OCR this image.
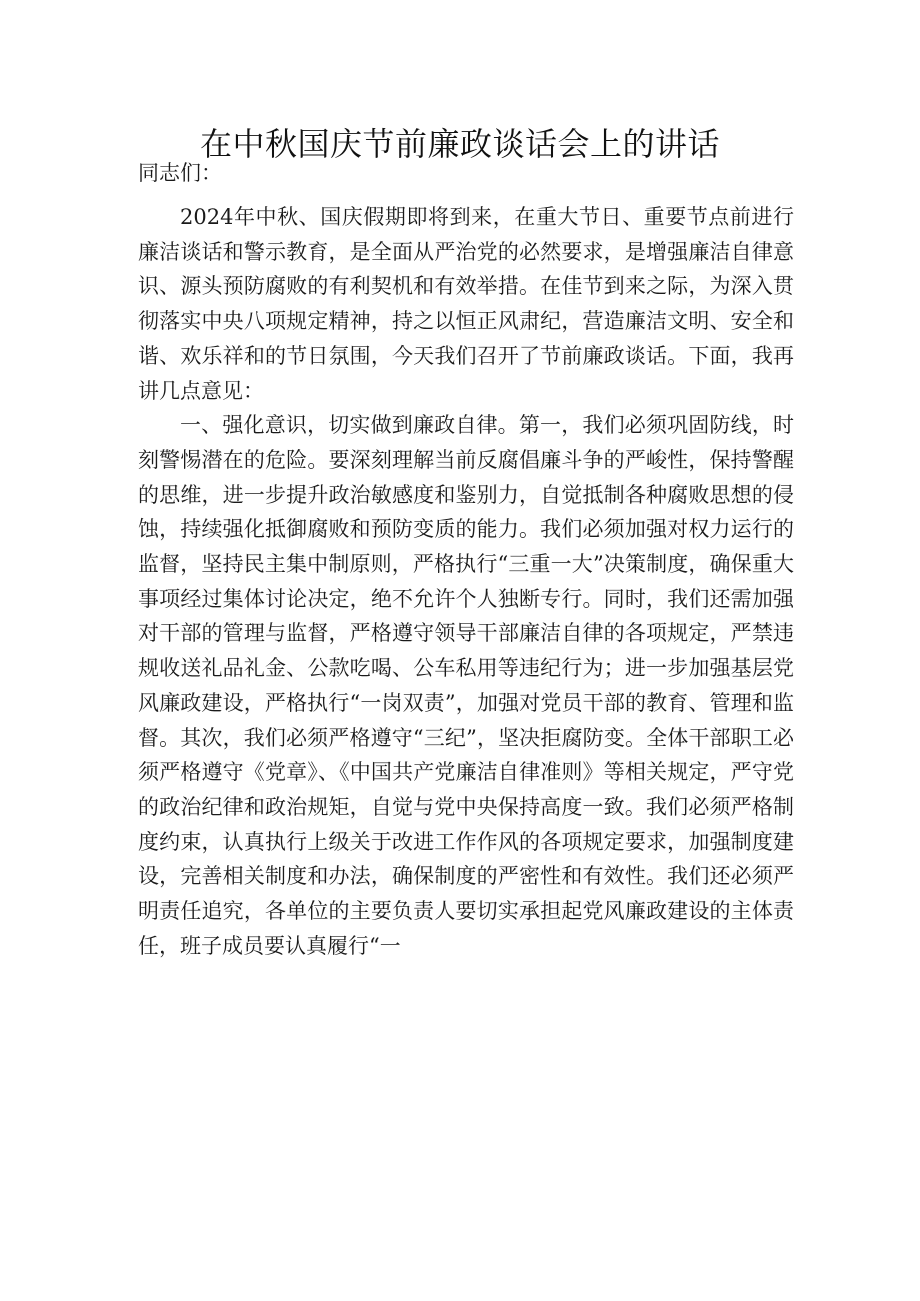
在中秋国庆节前廉政谈话会上的讲话

同志们：

2024年中秋、国庆假期即将到来，在重大节日、重要节点前进行廉洁谈话和警示教育，是全面从严治党的必然要求，是增强廉洁自律意识、源头预防腐败的有利契机和有效举措。在佳节到来之际，为深入贯彻落实中央八项规定精神，持之以恒正风肃纪，营造廉洁文明、安全和谐、欢乐祥和的节日氛围，今天我们召开了节前廉政谈话。下面，我再讲几点意见：

一、强化意识，切实做到廉政自律。第一，我们必须巩固防线，时刻警惕潜在的危险。要深刻理解当前反腐倡廉斗争的严峻性，保持警醒的思维，进一步提升政治敏感度和鉴别力，自觉抵制各种腐败思想的侵蚀，持续强化抵御腐败和预防变质的能力。我们必须加强对权力运行的监督，坚持民主集中制原则，严格执行“三重一大”决策制度，确保重大事项经过集体讨论决定，绝不允许个人独断专行。同时，我们还需加强对干部的管理与监督，严格遵守领导干部廉洁自律的各项规定，严禁违规收送礼品礼金、公款吃喝、公车私用等违纪行为；进一步加强基层党风廉政建设，严格执行“一岗双责”，加强对党员干部的教育、管理和监督。其次，我们必须严格遵守“三纪”，坚决拒腐防变。全体干部职工必须严格遵守《党章》、《中国共产党廉洁自律准则》等相关规定，严守党的政治纪律和政治规矩，自觉与党中央保持高度一致。我们必须严格制度约束，认真执行上级关于改进工作作风的各项规定要求，加强制度建设，完善相关制度和办法，确保制度的严密性和有效性。我们还必须严明责任追究，各单位的主要负责人要切实承担起党风廉政建设的主体责任，班子成员要认真履行“一
